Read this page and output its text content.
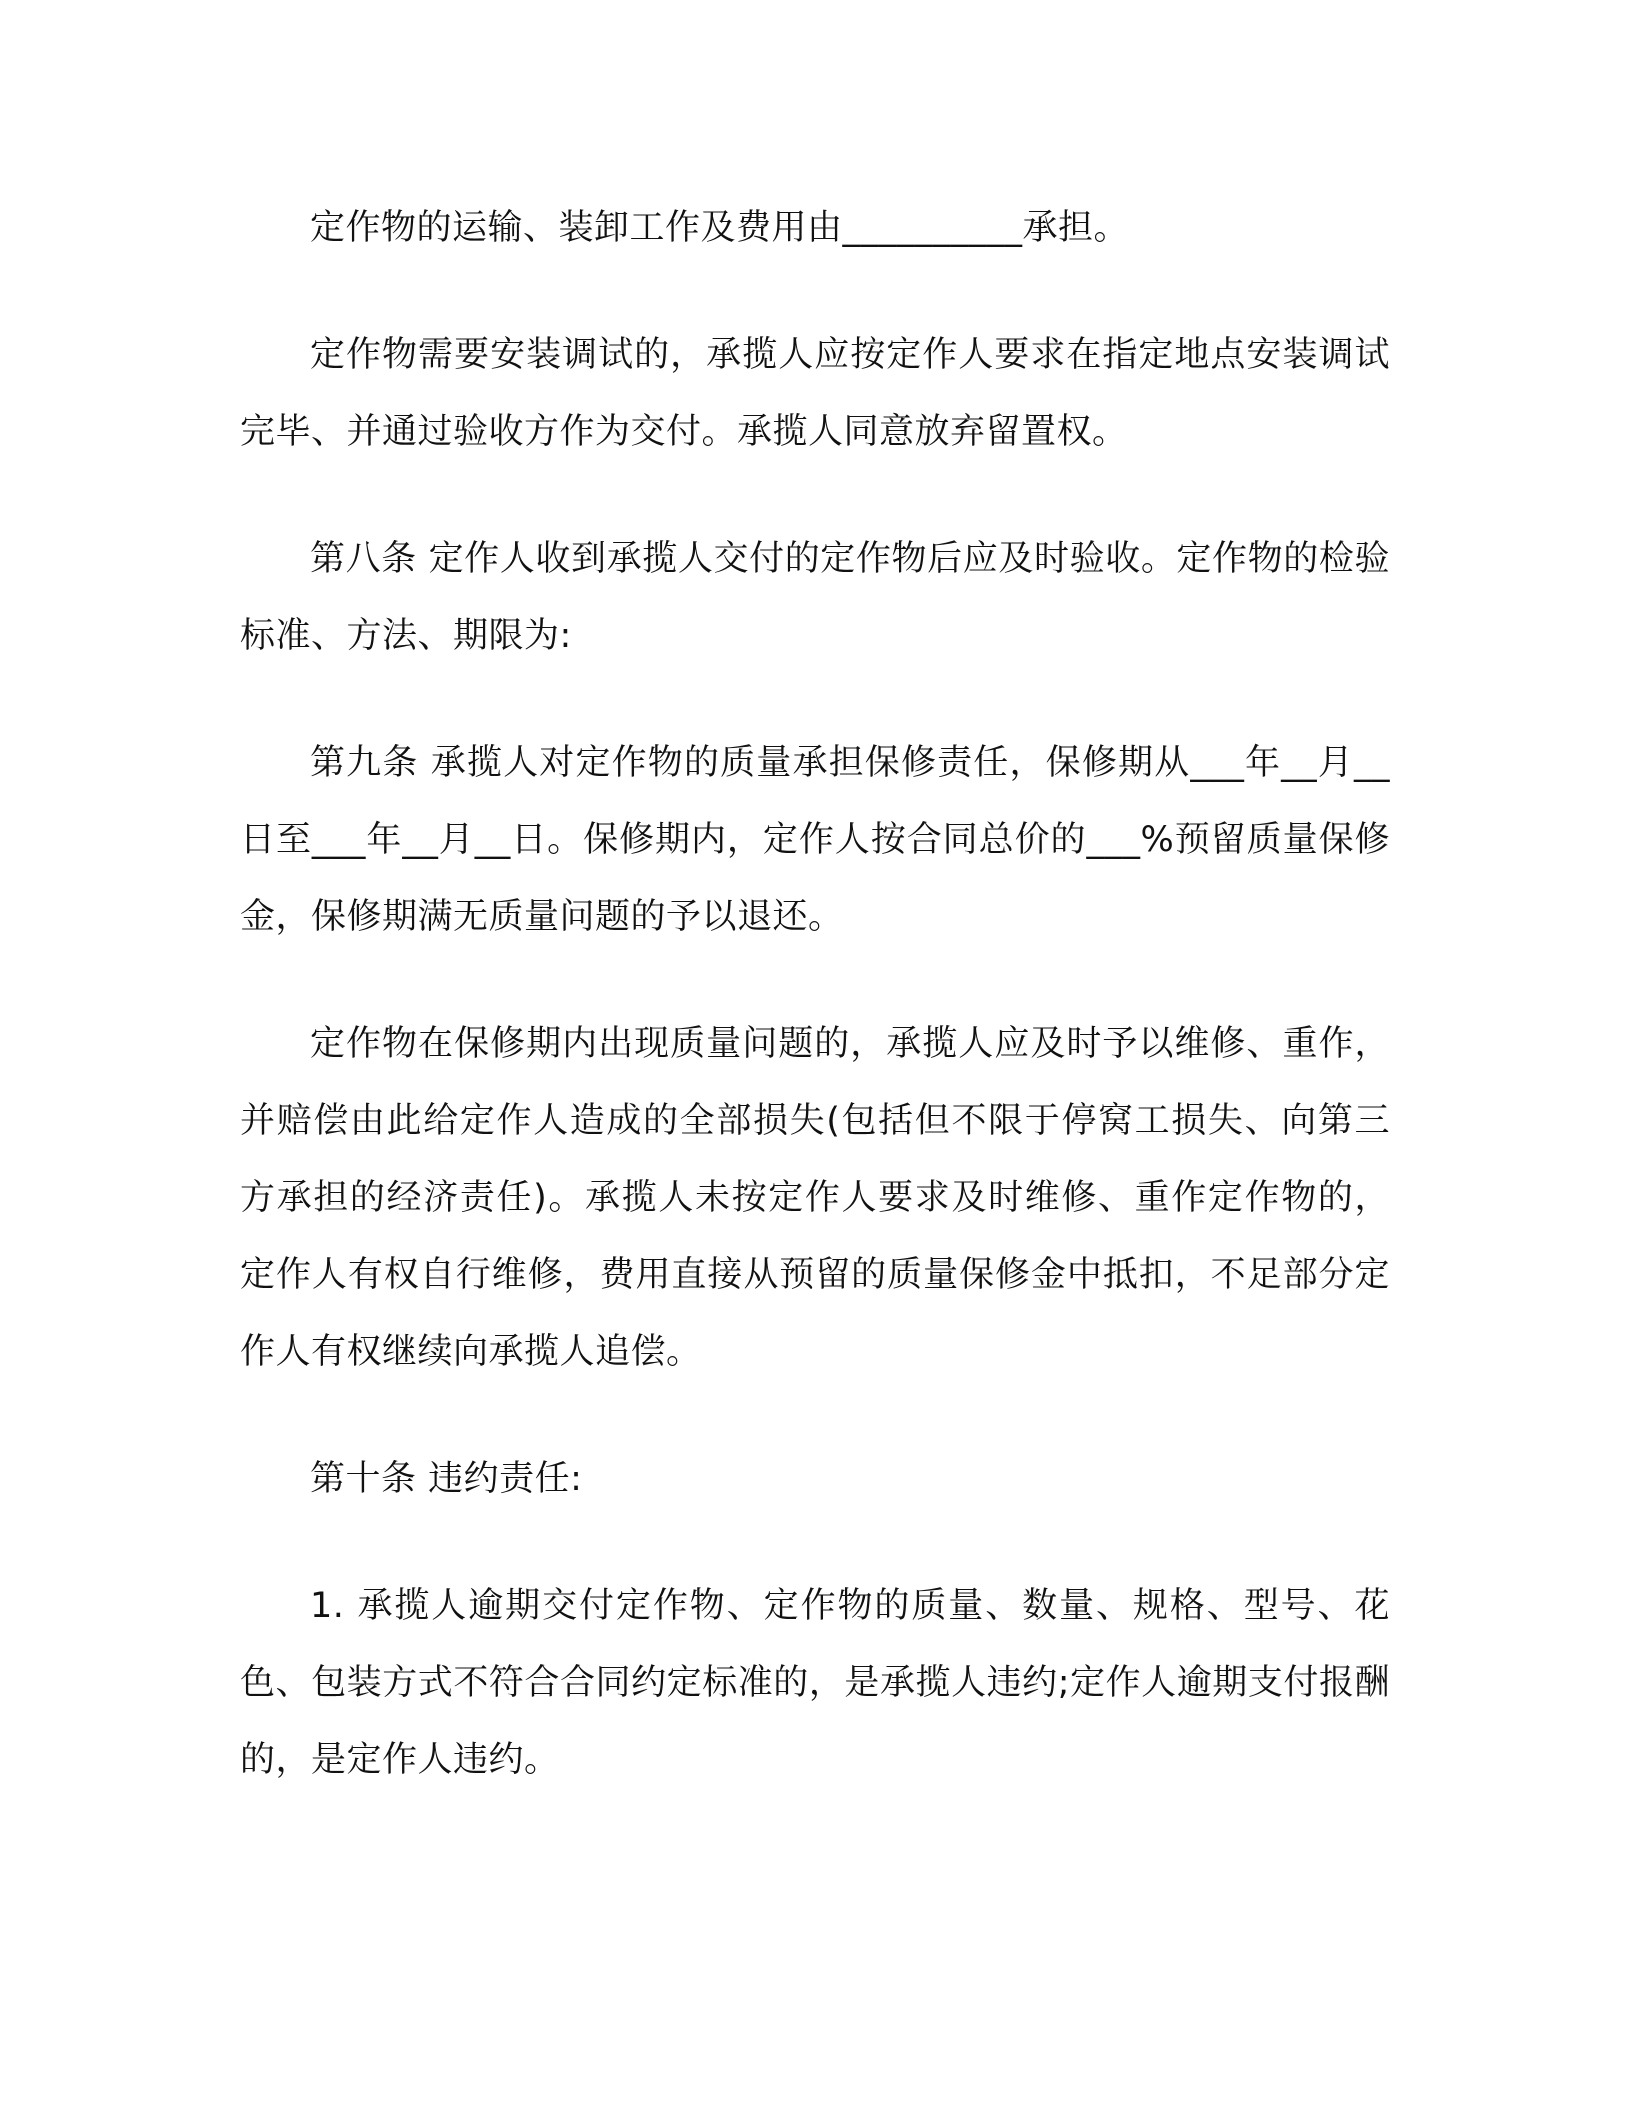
定作物的运输、装卸工作及费用由__________承担。

定作物需要安装调试的，承揽人应按定作人要求在指定地点安装调试完毕、并通过验收方作为交付。承揽人同意放弃留置权。

第八条 定作人收到承揽人交付的定作物后应及时验收。定作物的检验标准、方法、期限为:

第九条 承揽人对定作物的质量承担保修责任，保修期从___年__月__日至___年__月__日。保修期内，定作人按合同总价的___%预留质量保修金，保修期满无质量问题的予以退还。

定作物在保修期内出现质量问题的，承揽人应及时予以维修、重作，并赔偿由此给定作人造成的全部损失(包括但不限于停窝工损失、向第三方承担的经济责任)。承揽人未按定作人要求及时维修、重作定作物的，定作人有权自行维修，费用直接从预留的质量保修金中抵扣，不足部分定作人有权继续向承揽人追偿。

第十条 违约责任:

1. 承揽人逾期交付定作物、定作物的质量、数量、规格、型号、花色、包装方式不符合合同约定标准的，是承揽人违约;定作人逾期支付报酬的，是定作人违约。
